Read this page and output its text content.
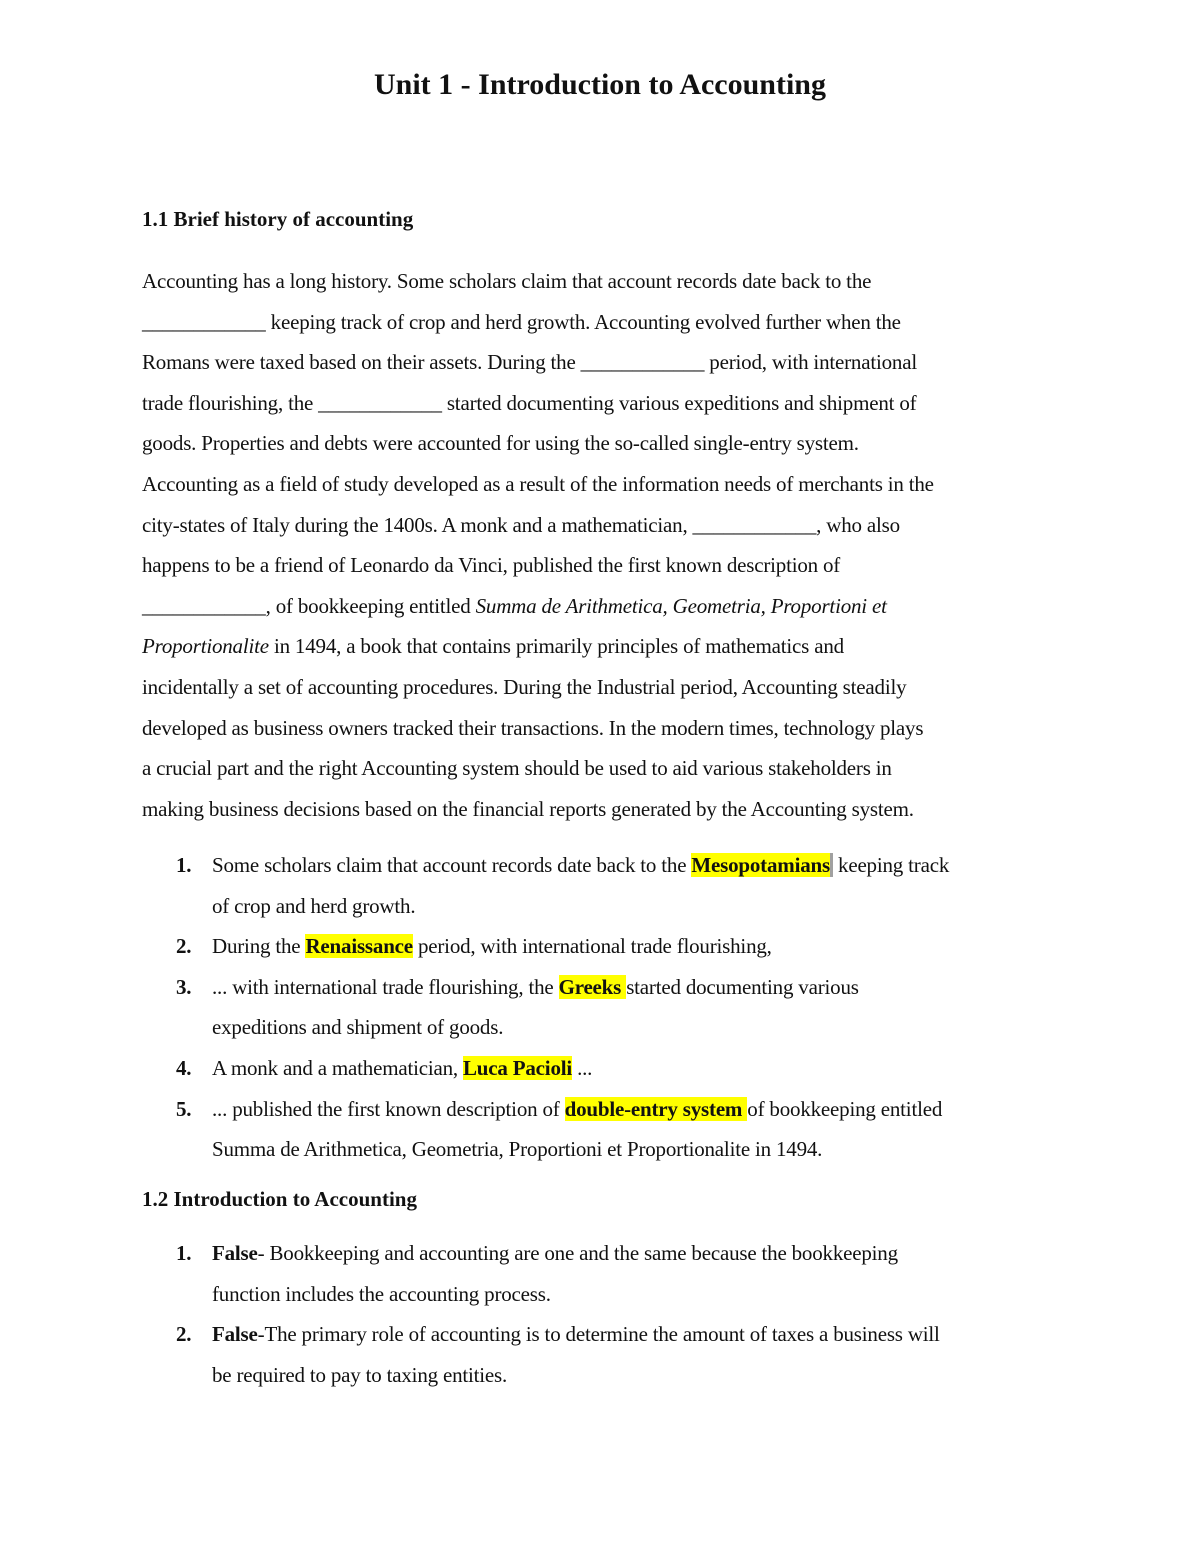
Unit 1 - Introduction to Accounting
1.1 Brief history of accounting

Accounting has a long history. Some scholars claim that account records date back to the
____________ keeping track of crop and herd growth. Accounting evolved further when the
Romans were taxed based on their assets. During the ____________ period, with international
trade flourishing, the ____________ started documenting various expeditions and shipment of
goods. Properties and debts were accounted for using the so-called single-entry system.
Accounting as a field of study developed as a result of the information needs of merchants in the
city-states of Italy during the 1400s. A monk and a mathematician, ____________, who also
happens to be a friend of Leonardo da Vinci, published the first known description of
____________, of bookkeeping entitled Summa de Arithmetica, Geometria, Proportioni et
Proportionalite in 1494, a book that contains primarily principles of mathematics and
incidentally a set of accounting procedures. During the Industrial period, Accounting steadily
developed as business owners tracked their transactions. In the modern times, technology plays
a crucial part and the right Accounting system should be used to aid various stakeholders in
making business decisions based on the financial reports generated by the Accounting system.

1. Some scholars claim that account records date back to the Mesopotamians keeping track
of crop and herd growth.
2. During the Renaissance period, with international trade flourishing,
3. ... with international trade flourishing, the Greeks started documenting various
expeditions and shipment of goods.
4. A monk and a mathematician, Luca Pacioli ...
5. ... published the first known description of double-entry system of bookkeeping entitled
Summa de Arithmetica, Geometria, Proportioni et Proportionalite in 1494.
1.2 Introduction to Accounting
1. False- Bookkeeping and accounting are one and the same because the bookkeeping
function includes the accounting process.
2. False-The primary role of accounting is to determine the amount of taxes a business will
be required to pay to taxing entities.
